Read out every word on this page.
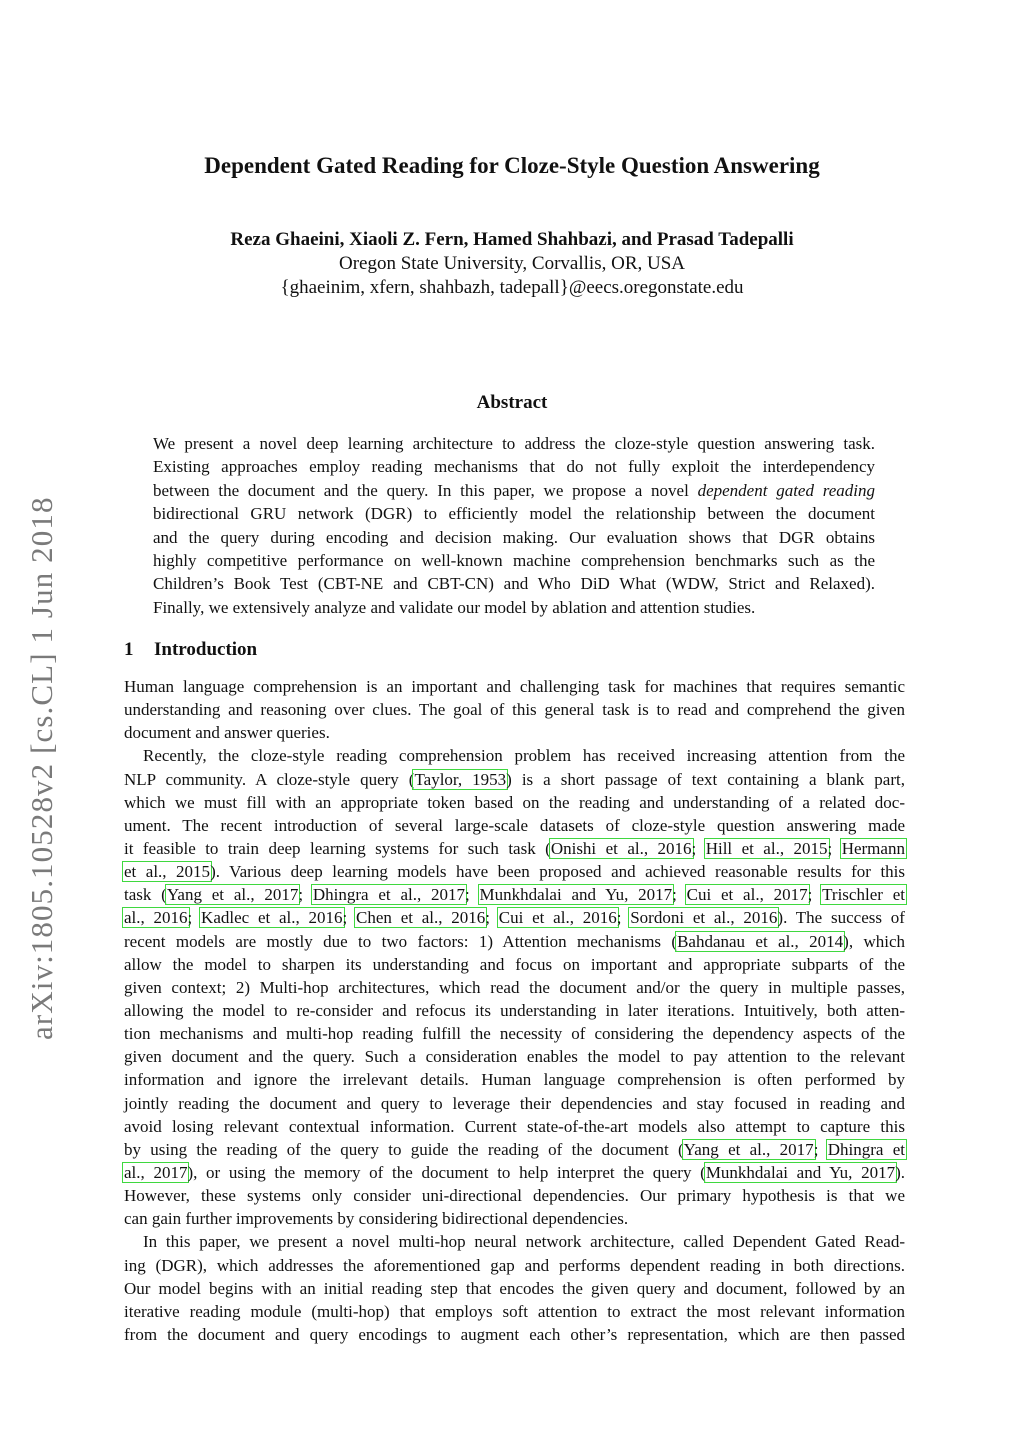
arXiv:1805.10528v2 [cs.CL] 1 Jun 2018
Dependent Gated Reading for Cloze-Style Question Answering
Reza Ghaeini, Xiaoli Z. Fern, Hamed Shahbazi, and Prasad Tadepalli
Oregon State University, Corvallis, OR, USA
{ghaeinim, xfern, shahbazh, tadepall}@eecs.oregonstate.edu
Abstract
We present a novel deep learning architecture to address the cloze-style question answering task.
Existing approaches employ reading mechanisms that do not fully exploit the interdependency
between the document and the query. In this paper, we propose a novel dependent gated reading
bidirectional GRU network (DGR) to efficiently model the relationship between the document
and the query during encoding and decision making. Our evaluation shows that DGR obtains
highly competitive performance on well-known machine comprehension benchmarks such as the
Children’s Book Test (CBT-NE and CBT-CN) and Who DiD What (WDW, Strict and Relaxed).
Finally, we extensively analyze and validate our model by ablation and attention studies.
1 Introduction
Human language comprehension is an important and challenging task for machines that requires semantic
understanding and reasoning over clues. The goal of this general task is to read and comprehend the given
document and answer queries.
Recently, the cloze-style reading comprehension problem has received increasing attention from the
NLP community. A cloze-style query (Taylor, 1953) is a short passage of text containing a blank part,
which we must fill with an appropriate token based on the reading and understanding of a related doc-
ument. The recent introduction of several large-scale datasets of cloze-style question answering made
it feasible to train deep learning systems for such task (Onishi et al., 2016; Hill et al., 2015; Hermann
et al., 2015). Various deep learning models have been proposed and achieved reasonable results for this
task (Yang et al., 2017; Dhingra et al., 2017; Munkhdalai and Yu, 2017; Cui et al., 2017; Trischler et
al., 2016; Kadlec et al., 2016; Chen et al., 2016; Cui et al., 2016; Sordoni et al., 2016). The success of
recent models are mostly due to two factors: 1) Attention mechanisms (Bahdanau et al., 2014), which
allow the model to sharpen its understanding and focus on important and appropriate subparts of the
given context; 2) Multi-hop architectures, which read the document and/or the query in multiple passes,
allowing the model to re-consider and refocus its understanding in later iterations. Intuitively, both atten-
tion mechanisms and multi-hop reading fulfill the necessity of considering the dependency aspects of the
given document and the query. Such a consideration enables the model to pay attention to the relevant
information and ignore the irrelevant details. Human language comprehension is often performed by
jointly reading the document and query to leverage their dependencies and stay focused in reading and
avoid losing relevant contextual information. Current state-of-the-art models also attempt to capture this
by using the reading of the query to guide the reading of the document (Yang et al., 2017; Dhingra et
al., 2017), or using the memory of the document to help interpret the query (Munkhdalai and Yu, 2017).
However, these systems only consider uni-directional dependencies. Our primary hypothesis is that we
can gain further improvements by considering bidirectional dependencies.
In this paper, we present a novel multi-hop neural network architecture, called Dependent Gated Read-
ing (DGR), which addresses the aforementioned gap and performs dependent reading in both directions.
Our model begins with an initial reading step that encodes the given query and document, followed by an
iterative reading module (multi-hop) that employs soft attention to extract the most relevant information
from the document and query encodings to augment each other’s representation, which are then passed
